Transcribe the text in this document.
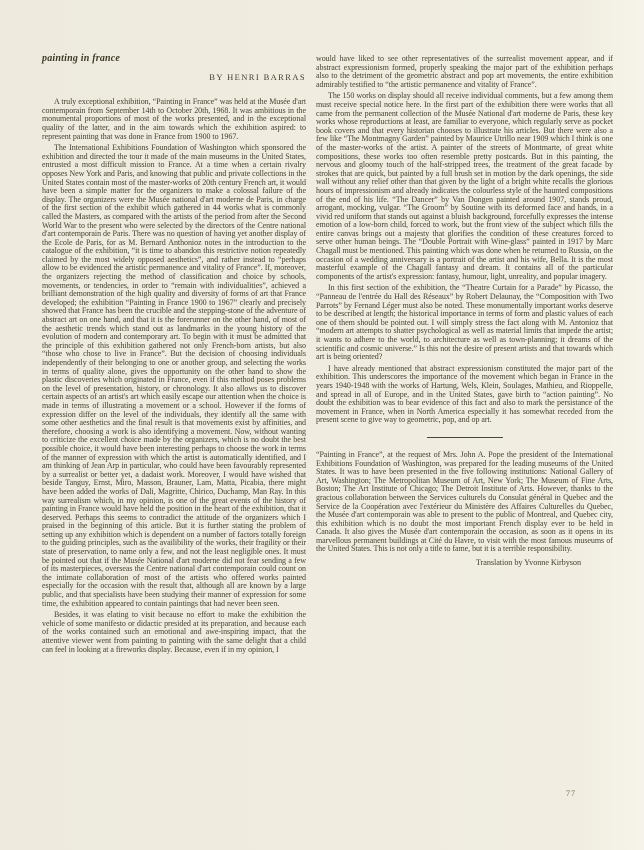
painting in france
BY HENRI BARRAS

A truly exceptional exhibition, “Painting in France” was held at the Musée d'art contemporain from September 14th to October 20th, 1968. It was ambitious in the monumental proportions of most of the works presented, and in the exceptional quality of the latter, and in the aim towards which the exhibition aspired: to represent painting that was done in France from 1900 to 1967.

The International Exhibitions Foundation of Washington which sponsored the exhibition and directed the tour it made of the main museums in the United States, entrusted a most difficult mission to France. At a time when a certain rivalry opposes New York and Paris, and knowing that public and private collections in the United States contain most of the master-works of 20th century French art, it would have been a simple matter for the organizers to make a colossal failure of the display. The organizers were the Musée national d'art moderne de Paris, in charge of the first section of the exhibit which gathered in 44 works what is commonly called the Masters, as compared with the artists of the period from after the Second World War to the present who were selected by the directors of the Centre national d'art contemporain de Paris. There was no question of having yet another display of the Ecole de Paris, for as M. Bernard Anthonioz notes in the introduction to the catalogue of the exhibition, “it is time to abandon this restrictive notion repeatedly claimed by the most widely opposed aesthetics”, and rather instead to “perhaps allow to be evidenced the artistic permanence and vitality of France”. If, moreover, the organizers rejecting the method of classification and choice by schools, movements, or tendencies, in order to “remain with individualities”, achieved a brilliant demonstration of the high quality and diversity of forms of art that France developed; the exhibition “Painting in France 1900 to 1967” clearly and precisely showed that France has been the crucible and the stepping-stone of the adventure of abstract art on one hand, and that it is the forerunner on the other hand, of most of the aesthetic trends which stand out as landmarks in the young history of the evolution of modern and contemporary art. To begin with it must be admitted that the principle of this exhibition gathered not only French-born artists, but also “those who chose to live in France”. But the decision of choosing individuals independently of their belonging to one or another group, and selecting the works in terms of quality alone, gives the opportunity on the other hand to show the plastic discoveries which originated in France, even if this method poses problems on the level of presentation, history, or chronology. It also allows us to discover certain aspects of an artist's art which easily escape our attention when the choice is made in terms of illustrating a movement or a school. However if the forms of expression differ on the level of the individuals, they identify all the same with some other aesthetics and the final result is that movements exist by affinities, and therefore, choosing a work is also identifying a movement. Now, without wanting to criticize the excellent choice made by the organizers, which is no doubt the best possible choice, it would have been interesting perhaps to choose the work in terms of the manner of expression with which the artist is automatically identified, and I am thinking of Jean Arp in particular, who could have been favourably represented by a surrealist or better yet, a dadaist work. Moreover, I would have wished that beside Tanguy, Ernst, Miro, Masson, Brauner, Lam, Matta, Picabia, there might have been added the works of Dali, Magritte, Chirico, Duchamp, Man Ray. In this way surrealism which, in my opinion, is one of the great events of the history of painting in France would have held the position in the heart of the exhibition, that it deserved. Perhaps this seems to contradict the attitude of the organizers which I praised in the beginning of this article. But it is further stating the problem of setting up any exhibition which is dependent on a number of factors totally foreign to the guiding principles, such as the availibility of the works, their fragility or their state of preservation, to name only a few, and not the least negligible ones. It must be pointed out that if the Musée National d'art moderne did not fear sending a few of its masterpieces, overseas the Centre national d'art contemporain could count on the intimate collaboration of most of the artists who offered works painted especially for the occasion with the result that, although all are known by a large public, and that specialists have been studying their manner of expression for some time, the exhibition appeared to contain paintings that had never been seen.

Besides, it was elating to visit because no effort to make the exhibition the vehicle of some manifesto or didactic presided at its preparation, and because each of the works contained such an emotional and awe-inspiring impact, that the attentive viewer went from painting to painting with the same delight that a child can feel in looking at a fireworks display. Because, even if in my opinion, I

would have liked to see other representatives of the surrealist movement appear, and if abstract expressionism formed, properly speaking the major part of the exhibition perhaps also to the detriment of the geometric abstract and pop art movements, the entire exhibition admirably testified to “the artistic permanence and vitality of France”.

The 150 works on display should all receive individual comments, but a few among them must receive special notice here. In the first part of the exhibition there were works that all came from the permanent collection of the Musée National d'art moderne de Paris, these key works whose reproductions at least, are familiar to everyone, which regularly serve as pocket book covers and that every historian chooses to illustrate his articles. But there were also a few like “The Montmagny Garden” painted by Maurice Utrillo near 1909 which I think is one of the master-works of the artist. A painter of the streets of Montmarte, of great white compositions, these works too often resemble pretty postcards. But in this painting, the nervous and gloomy touch of the half-stripped trees, the treatment of the great facade by strokes that are quick, but painted by a full brush set in motion by the dark openings, the side wall without any relief other than that given by the light of a bright white recalls the glorious hours of impressionism and already indicates the colourless style of the haunted compositions of the end of his life. “The Dancer” by Van Dongen painted around 1907, stands proud, arrogant, mocking, vulgar. “The Groom” by Soutine with its deformed face and hands, in a vivid red uniform that stands out against a bluish background, forcefully expresses the intense emotion of a low-born child, forced to work, but the front view of the subject which fills the entire canvas brings out a majesty that glorifies the condition of these creatures forced to serve other human beings. The “Double Portrait with Wine-glass” painted in 1917 by Marc Chagall must be mentioned. This painting which was done when he returned to Russia, on the occasion of a wedding anniversary is a portrait of the artist and his wife, Bella. It is the most masterful example of the Chagall fantasy and dream. It contains all of the particular components of the artist's expression: fantasy, humour, light, unreality, and popular imagery.

In this first section of the exhibition, the “Theatre Curtain for a Parade” by Picasso, the “Panneau de l'entrée du Hall des Réseaux” by Robert Delaunay, the “Composition with Two Parrots” by Fernand Léger must also be noted. These monumentally important works deserve to be described at length; the historical importance in terms of form and plastic values of each one of them should be pointed out. I will simply stress the fact along with M. Antonioz that “modern art attempts to shatter psychological as well as material limits that impede the artist; it wants to adhere to the world, to architecture as well as town-planning; it dreams of the scientific and cosmic universe.” Is this not the desire of present artists and that towards which art is being oriented?

I have already mentioned that abstract expressionism constituted the major part of the exhibition. This underscores the importance of the movement which began in France in the years 1940-1948 with the works of Hartung, Wels, Klein, Soulages, Mathieu, and Rioppelle, and spread in all of Europe, and in the United States, gave birth to “action painting”. No doubt the exhibition was to bear evidence of this fact and also to mark the persistance of the movement in France, when in North America especially it has somewhat receded from the present scene to give way to geometric, pop, and op art.

“Painting in France”, at the request of Mrs. John A. Pope the president of the International Exhibitions Foundation of Washington, was prepared for the leading museums of the United States. It was to have been presented in the five following institutions: National Gallery of Art, Washington; The Metropolitan Museum of Art, New York; The Museum of Fine Arts, Boston; The Art Institute of Chicago; The Detroit Institute of Arts. However, thanks to the gracious collaboration between the Services culturels du Consulat général in Quebec and the Service de la Coopération avec l'extérieur du Ministère des Affaires Culturelles du Quebec, the Musée d'art contemporain was able to present to the public of Montreal, and Quebec city, this exhibition which is no doubt the most important French display ever to be held in Canada. It also gives the Musée d'art contemporain the occasion, as soon as it opens in its marvellous permanent buildings at Cité du Havre, to visit with the most famous museums of the United States. This is not only a title to fame, but it is a terrible responsibility.

Translation by Yvonne Kirbyson
77
